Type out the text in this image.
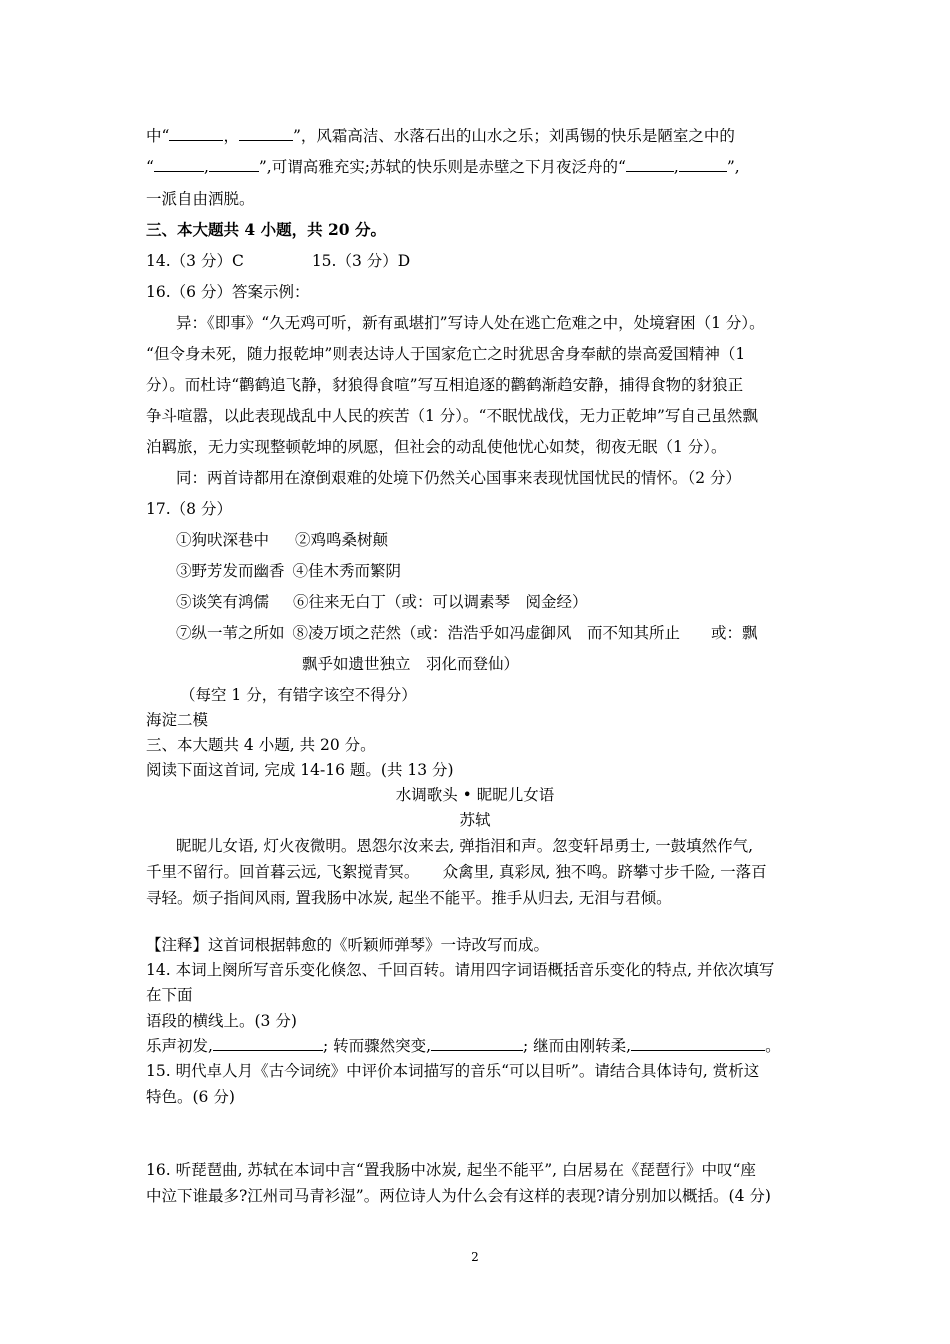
中“	，	”，风霜高洁、水落石出的山水之乐；刘禹锡的快乐是陋室之中的
“	,	”,可谓高雅充实;苏轼的快乐则是赤壁之下月夜泛舟的“	,	”,
一派自由洒脱。
三、本大题共 4 小题，共 20 分。
14.（3 分）C	15.（3 分）D
16.（6 分）答案示例：
异：《即事》“久无鸡可听，新有虱堪扪”写诗人处在逃亡危难之中，处境窘困（1 分）。
“但令身未死，随力报乾坤”则表达诗人于国家危亡之时犹思舍身奉献的崇高爱国精神（1
分）。而杜诗“鹳鹤追飞静，豺狼得食喧”写互相追逐的鹳鹤渐趋安静，捕得食物的豺狼正
争斗喧嚣，以此表现战乱中人民的疾苦（1 分）。“不眠忧战伐，无力正乾坤”写自己虽然飘
泊羁旅，无力实现整顿乾坤的夙愿，但社会的动乱使他忧心如焚，彻夜无眠（1 分）。
同：两首诗都用在潦倒艰难的处境下仍然关心国事来表现忧国忧民的情怀。（2 分）
17.（8 分）
①狗吠深巷中 ②鸡鸣桑树颠
③野芳发而幽香 ④佳木秀而繁阴
⑤谈笑有鸿儒 ⑥往来无白丁（或：可以调素琴　阅金经）
⑦纵一苇之所如 ⑧凌万顷之茫然（或：浩浩乎如冯虚御风　而不知其所止　　或：飘
飘乎如遗世独立　羽化而登仙）
（每空 1 分，有错字该空不得分）
海淀二模
三、本大题共 4 小题, 共 20 分。
阅读下面这首词, 完成 14-16 题。(共 13 分)
水调歌头 • 昵昵儿女语
苏轼
昵昵儿女语, 灯火夜微明。恩怨尔汝来去, 弹指泪和声。忽变轩昂勇士, 一鼓填然作气,
千里不留行。回首暮云远, 飞絮搅青冥。　　众禽里, 真彩凤, 独不鸣。跻攀寸步千险, 一落百
寻轻。烦子指间风雨, 置我肠中冰炭, 起坐不能平。推手从归去, 无泪与君倾。
【注释】这首词根据韩愈的《听颖师弹琴》一诗改写而成。
14. 本词上阕所写音乐变化倏忽、千回百转。请用四字词语概括音乐变化的特点, 并依次填写
在下面
语段的横线上。(3 分)
乐声初发,	; 转而骤然突变,	; 继而由刚转柔,	。
15. 明代卓人月《古今词统》中评价本词描写的音乐“可以目听”。请结合具体诗句, 赏析这
特色。(6 分)
16. 听琵琶曲, 苏轼在本词中言“置我肠中冰炭, 起坐不能平”, 白居易在《琵琶行》中叹“座
中泣下谁最多?江州司马青衫湿”。两位诗人为什么会有这样的表现?请分别加以概括。(4 分)
2
